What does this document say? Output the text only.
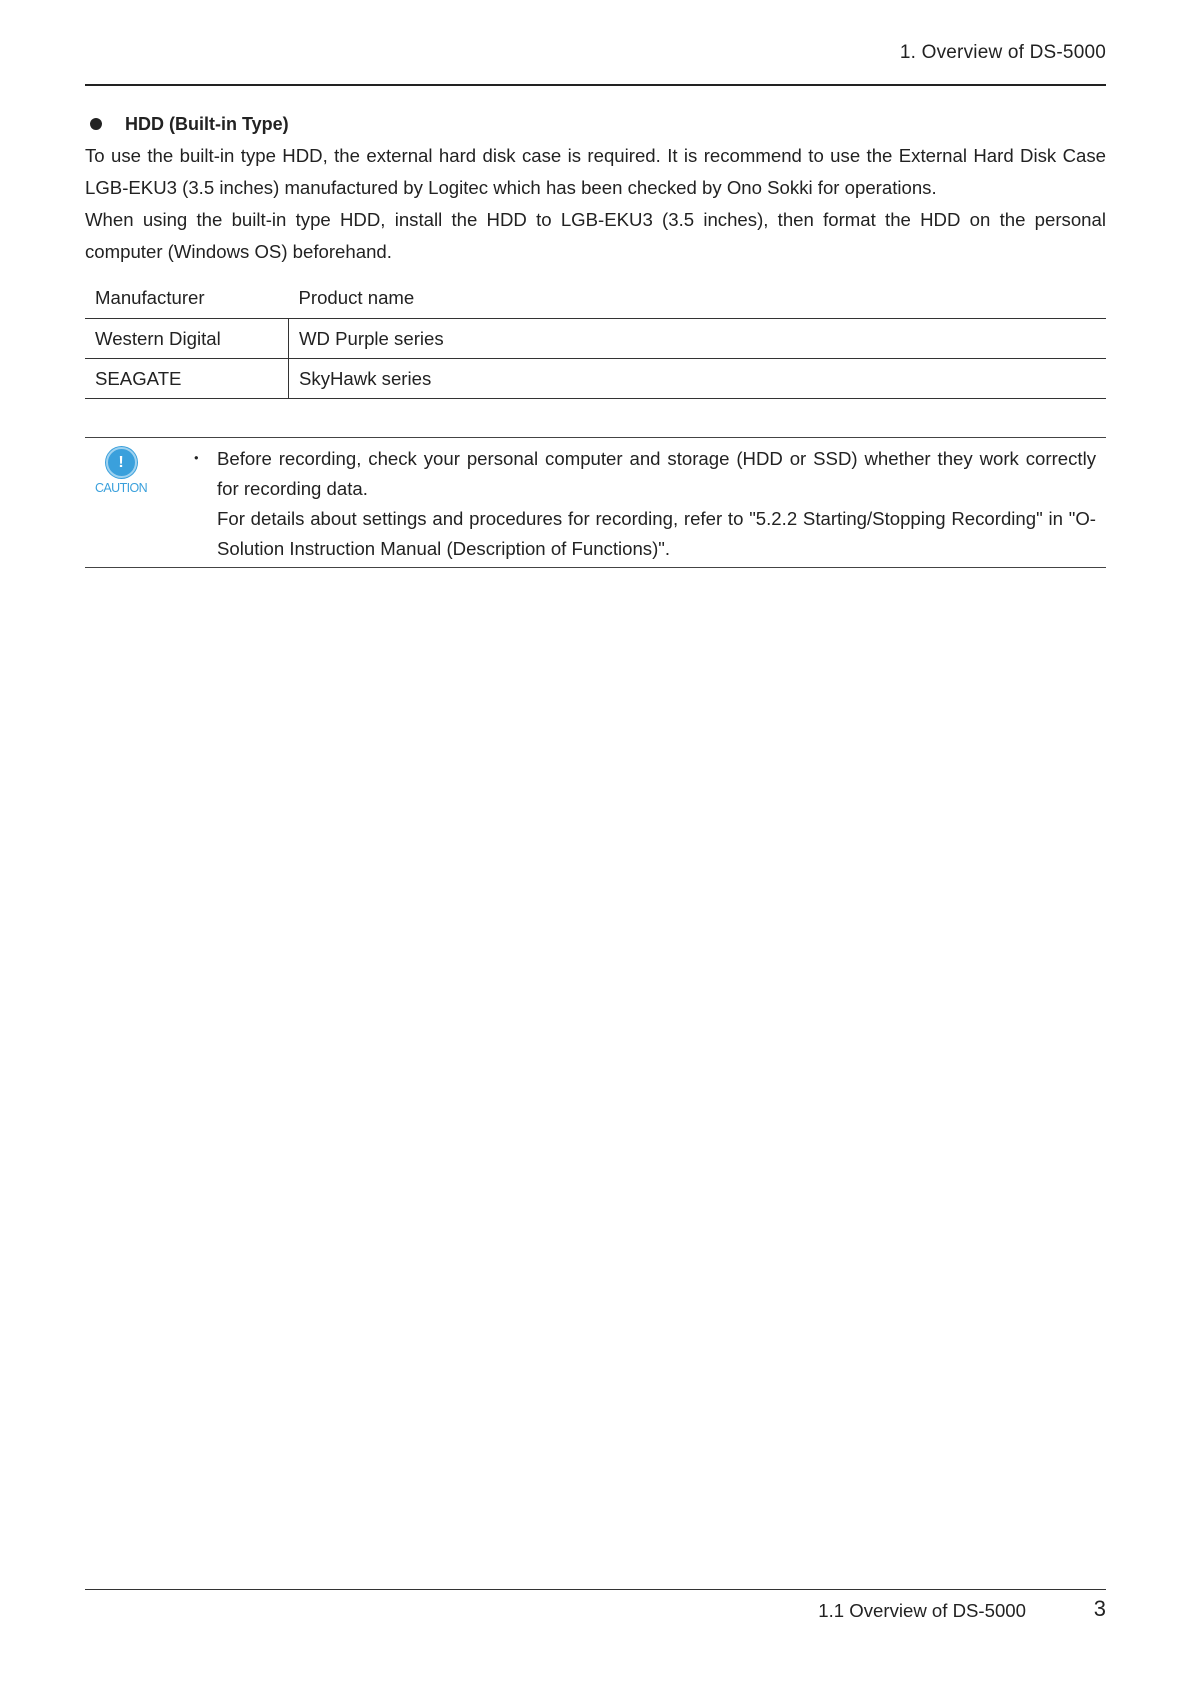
1. Overview of DS-5000
HDD (Built-in Type)

To use the built-in type HDD, the external hard disk case is required. It is recommend to use the External Hard Disk Case LGB-EKU3 (3.5 inches) manufactured by Logitec which has been checked by Ono Sokki for operations.

When using the built-in type HDD, install the HDD to LGB-EKU3 (3.5 inches), then format the HDD on the personal computer (Windows OS) beforehand.

Manufacturer	Product name
Western Digital	WD Purple series
SEAGATE	SkyHawk series
!
CAUTION
・ Before recording, check your personal computer and storage (HDD or SSD) whether they work correctly for recording data.

For details about settings and procedures for recording, refer to "5.2.2 Starting/Stopping Recording" in "O-Solution Instruction Manual (Description of Functions)".

1.1 Overview of DS-5000	3
